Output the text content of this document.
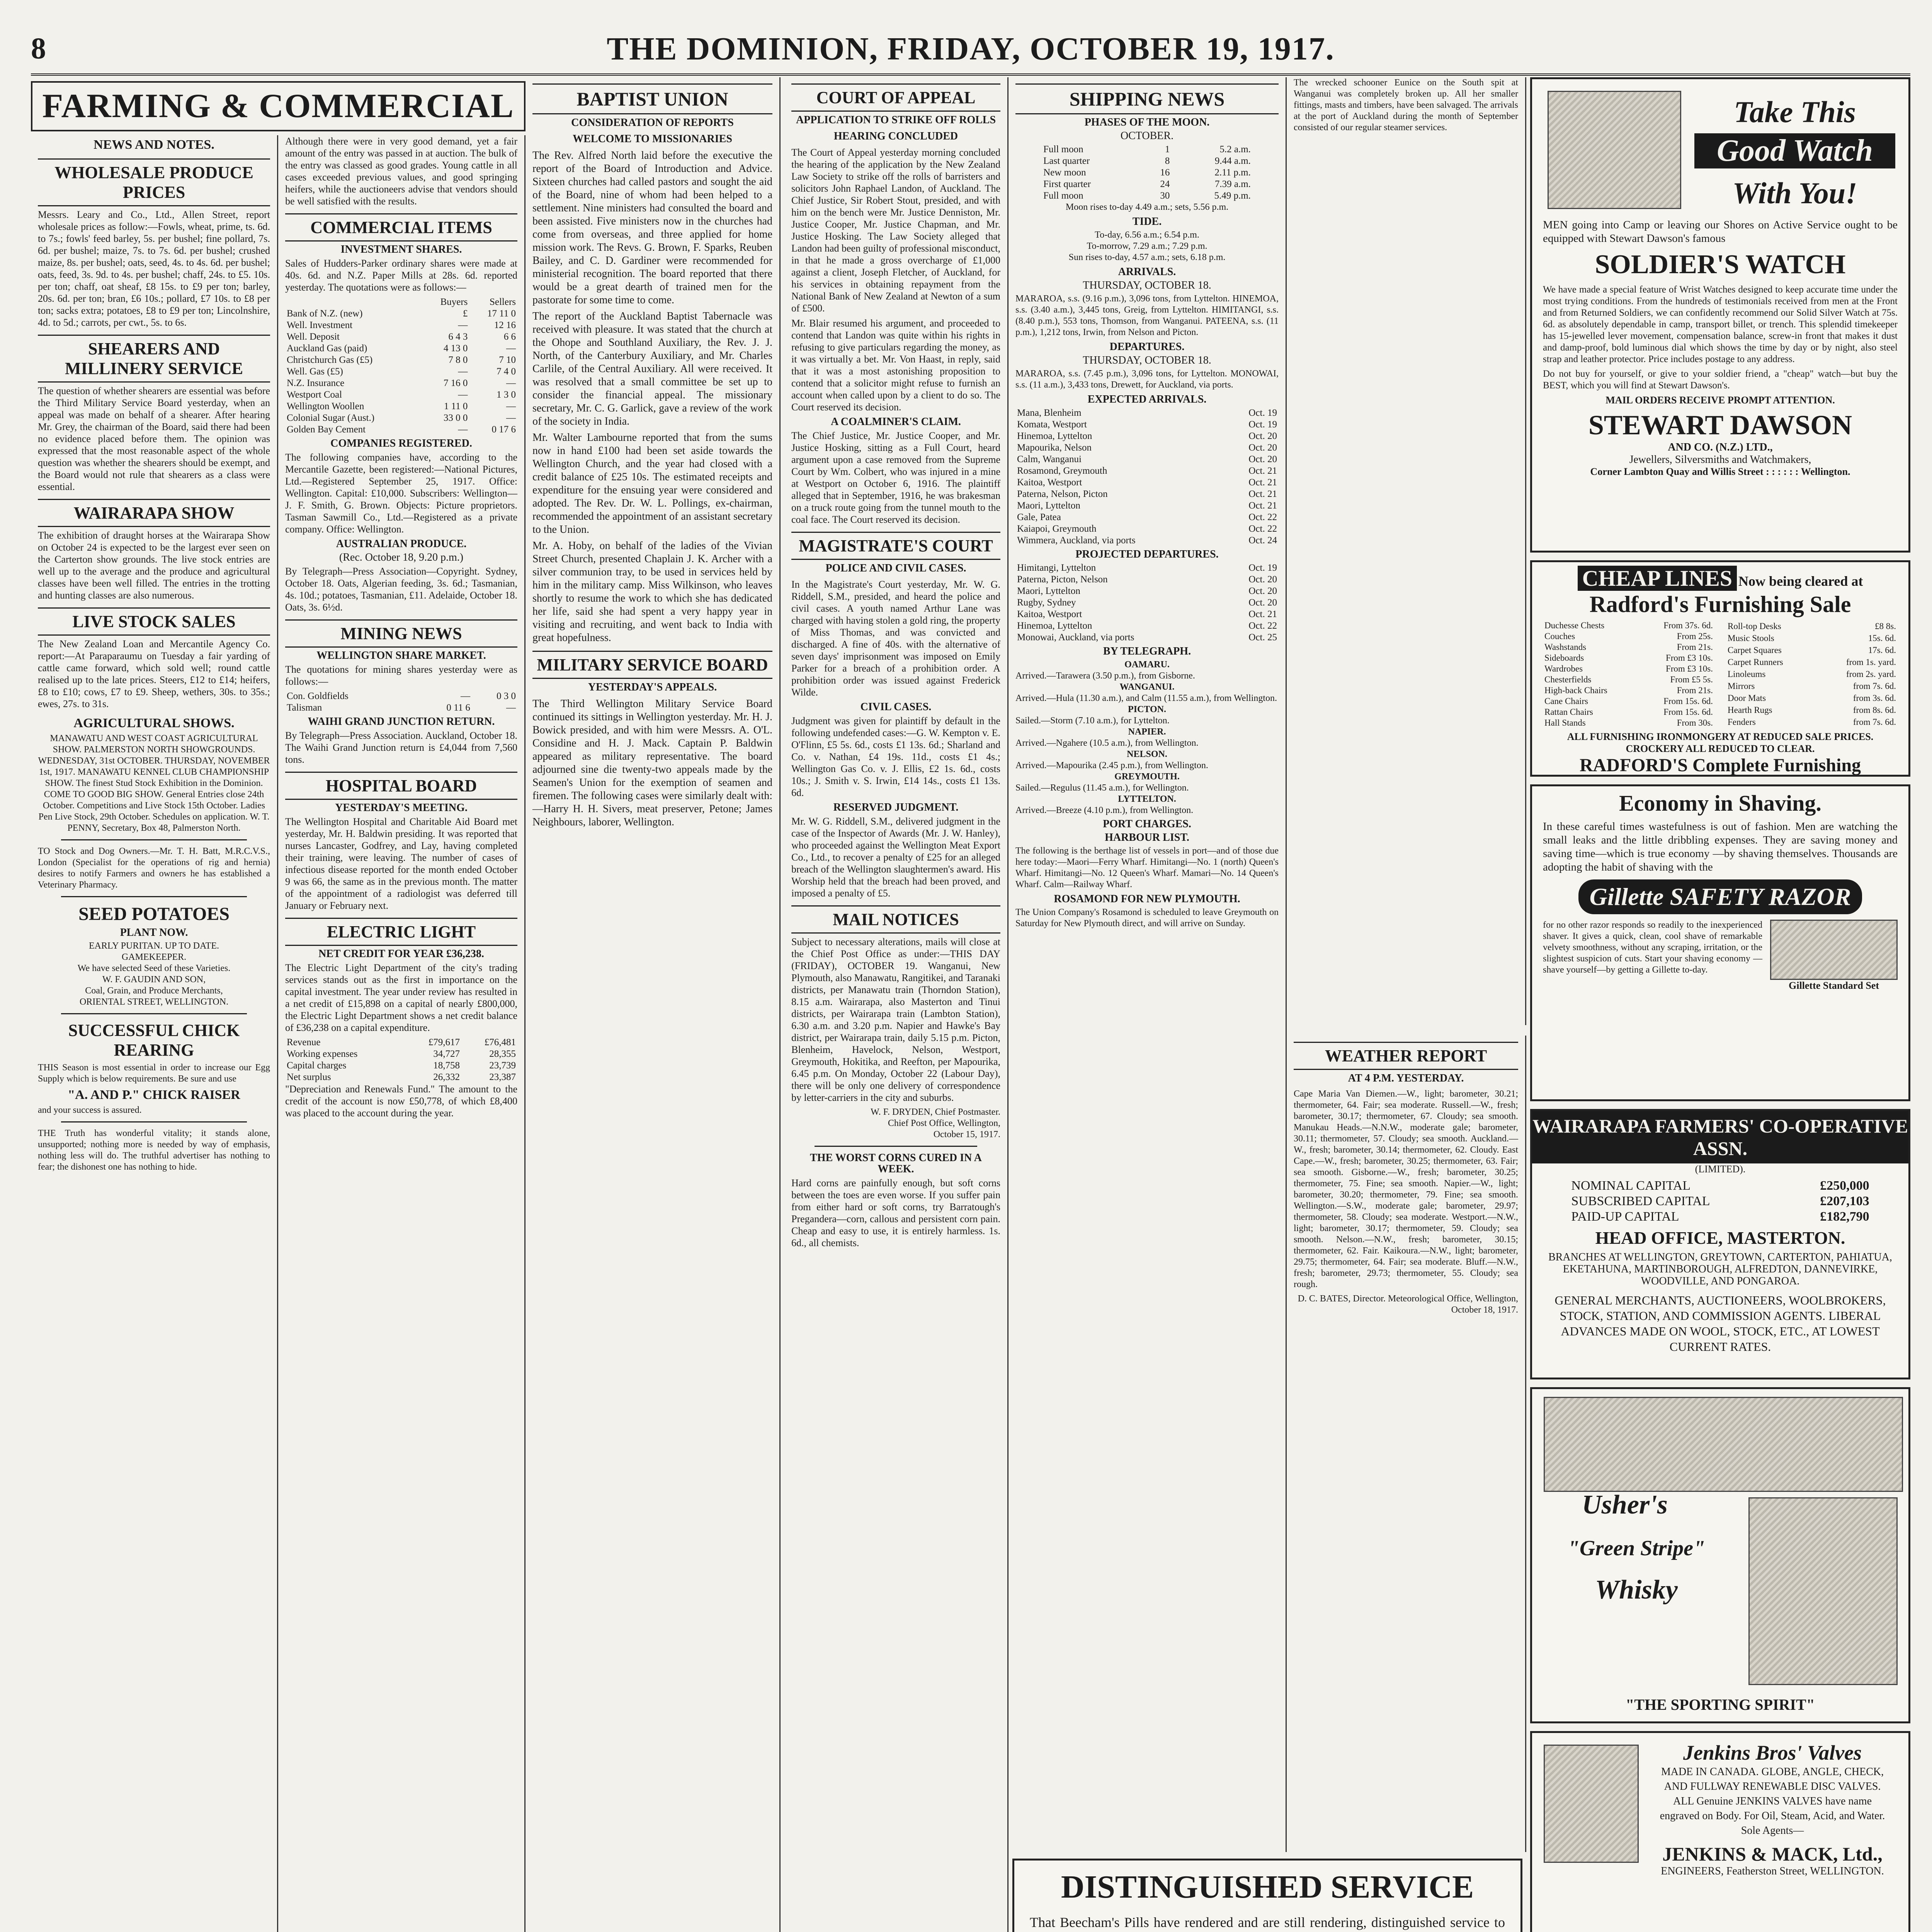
8	THE DOMINION, FRIDAY, OCTOBER 19, 1917.
FARMING & COMMERCIAL
NEWS AND NOTES.
WHOLESALE PRODUCE PRICES

Messrs. Leary and Co., Ltd., Allen Street, report wholesale prices as follow:—Fowls, wheat, prime, ts. 6d. to 7s.; fowls' feed barley, 5s. per bushel; fine pollard, 7s. 6d. per bushel; maize, 7s. to 7s. 6d. per bushel; crushed maize, 8s. per bushel; oats, seed, 4s. to 4s. 6d. per bushel; oats, feed, 3s. 9d. to 4s. per bushel; chaff, 24s. to £5. 10s. per ton; chaff, oat sheaf, £8 15s. to £9 per ton; barley, 20s. 6d. per ton; bran, £6 10s.; pollard, £7 10s. to £8 per ton; sacks extra; potatoes, £8 to £9 per ton; Lincolnshire, 4d. to 5d.; carrots, per cwt., 5s. to 6s.

SHEARERS AND MILLINERY SERVICE

The question of whether shearers are essential was before the Third Military Service Board yesterday, when an appeal was made on behalf of a shearer. After hearing Mr. Grey, the chairman of the Board, said there had been no evidence placed before them. The opinion was expressed that the most reasonable aspect of the whole question was whether the shearers should be exempt, and the Board would not rule that shearers as a class were essential.

WAIRARAPA SHOW

The exhibition of draught horses at the Wairarapa Show on October 24 is expected to be the largest ever seen on the Carterton show grounds. The live stock entries are well up to the average and the produce and agricultural classes have been well filled. The entries in the trotting and hunting classes are also numerous.

LIVE STOCK SALES

The New Zealand Loan and Mercantile Agency Co. report:—At Paraparaumu on Tuesday a fair yarding of cattle came forward, which sold well; round cattle realised up to the late prices. Steers, £12 to £14; heifers, £8 to £10; cows, £7 to £9. Sheep, wethers, 30s. to 35s.; ewes, 27s. to 31s.

AGRICULTURAL SHOWS.

MANAWATU AND WEST COAST AGRICULTURAL SHOW. PALMERSTON NORTH SHOWGROUNDS. WEDNESDAY, 31st OCTOBER. THURSDAY, NOVEMBER 1st, 1917. MANAWATU KENNEL CLUB CHAMPIONSHIP SHOW. The finest Stud Stock Exhibition in the Dominion. COME TO GOOD BIG SHOW. General Entries close 24th October. Competitions and Live Stock 15th October. Ladies Pen Live Stock, 29th October. Schedules on application. W. T. PENNY, Secretary, Box 48, Palmerston North.

TO Stock and Dog Owners.—Mr. T. H. Batt, M.R.C.V.S., London (Specialist for the operations of rig and hernia) desires to notify Farmers and owners he has established a Veterinary Pharmacy.

SEED POTATOES
PLANT NOW.
EARLY PURITAN. UP TO DATE.
GAMEKEEPER.
We have selected Seed of these Varieties.
W. F. GAUDIN AND SON,
Coal, Grain, and Produce Merchants,
ORIENTAL STREET, WELLINGTON.
SUCCESSFUL CHICK REARING

THIS Season is most essential in order to increase our Egg Supply which is below requirements. Be sure and use

"A. AND P." CHICK RAISER

and your success is assured.

THE Truth has wonderful vitality; it stands alone, unsupported; nothing more is needed by way of emphasis, nothing less will do. The truthful advertiser has nothing to fear; the dishonest one has nothing to hide.

Although there were in very good demand, yet a fair amount of the entry was passed in at auction. The bulk of the entry was classed as good grades. Young cattle in all cases exceeded previous values, and good springing heifers, while the auctioneers advise that vendors should be well satisfied with the results.

COMMERCIAL ITEMS
INVESTMENT SHARES.

Sales of Hudders-Parker ordinary shares were made at 40s. 6d. and N.Z. Paper Mills at 28s. 6d. reported yesterday. The quotations were as follows:—

	Buyers	Sellers
Bank of N.Z. (new)	£	17 11 0
Well. Investment	—	12 16
Well. Deposit	6 4 3	6 6
Auckland Gas (paid)	4 13 0	—
Christchurch Gas (£5)	7 8 0	7 10
Well. Gas (£5)	—	7 4 0
N.Z. Insurance	7 16 0	—
Westport Coal	—	1 3 0
Wellington Woollen	1 11 0	—
Colonial Sugar (Aust.)	33 0 0	—
Golden Bay Cement	—	0 17 6
COMPANIES REGISTERED.

The following companies have, according to the Mercantile Gazette, been registered:—National Pictures, Ltd.—Registered September 25, 1917. Office: Wellington. Capital: £10,000. Subscribers: Wellington—J. F. Smith, G. Brown. Objects: Picture proprietors. Tasman Sawmill Co., Ltd.—Registered as a private company. Office: Wellington.

AUSTRALIAN PRODUCE.
(Rec. October 18, 9.20 p.m.)

By Telegraph—Press Association—Copyright. Sydney, October 18. Oats, Algerian feeding, 3s. 6d.; Tasmanian, 4s. 10d.; potatoes, Tasmanian, £11. Adelaide, October 18. Oats, 3s. 6½d.

MINING NEWS
WELLINGTON SHARE MARKET.

The quotations for mining shares yesterday were as follows:—

Con. Goldfields	—	0 3 0
Talisman	0 11 6	—
WAIHI GRAND JUNCTION RETURN.

By Telegraph—Press Association. Auckland, October 18. The Waihi Grand Junction return is £4,044 from 7,560 tons.

HOSPITAL BOARD
YESTERDAY'S MEETING.

The Wellington Hospital and Charitable Aid Board met yesterday, Mr. H. Baldwin presiding. It was reported that nurses Lancaster, Godfrey, and Lay, having completed their training, were leaving. The number of cases of infectious disease reported for the month ended October 9 was 66, the same as in the previous month. The matter of the appointment of a radiologist was deferred till January or February next.

ELECTRIC LIGHT
NET CREDIT FOR YEAR £36,238.

The Electric Light Department of the city's trading services stands out as the first in importance on the capital investment. The year under review has resulted in a net credit of £15,898 on a capital of nearly £800,000, the Electric Light Department shows a net credit balance of £36,238 on a capital expenditure.

Revenue	£79,617	£76,481
Working expenses	34,727	28,355
Capital charges	18,758	23,739
Net surplus	26,332	23,387

"Depreciation and Renewals Fund." The amount to the credit of the account is now £50,778, of which £8,400 was placed to the account during the year.

BAPTIST UNION
CONSIDERATION OF REPORTS
WELCOME TO MISSIONARIES

The Rev. Alfred North laid before the executive the report of the Board of Introduction and Advice. Sixteen churches had called pastors and sought the aid of the Board, nine of whom had been helped to a settlement. Nine ministers had consulted the board and been assisted. Five ministers now in the churches had come from overseas, and three applied for home mission work. The Revs. G. Brown, F. Sparks, Reuben Bailey, and C. D. Gardiner were recommended for ministerial recognition. The board reported that there would be a great dearth of trained men for the pastorate for some time to come.

The report of the Auckland Baptist Tabernacle was received with pleasure. It was stated that the church at the Ohope and Southland Auxiliary, the Rev. J. J. North, of the Canterbury Auxiliary, and Mr. Charles Carlile, of the Central Auxiliary. All were received. It was resolved that a small committee be set up to consider the financial appeal. The missionary secretary, Mr. C. G. Garlick, gave a review of the work of the society in India.

Mr. Walter Lambourne reported that from the sums now in hand £100 had been set aside towards the Wellington Church, and the year had closed with a credit balance of £25 10s. The estimated receipts and expenditure for the ensuing year were considered and adopted. The Rev. Dr. W. L. Pollings, ex-chairman, recommended the appointment of an assistant secretary to the Union.

Mr. A. Hoby, on behalf of the ladies of the Vivian Street Church, presented Chaplain J. K. Archer with a silver communion tray, to be used in services held by him in the military camp. Miss Wilkinson, who leaves shortly to resume the work to which she has dedicated her life, said she had spent a very happy year in visiting and recruiting, and went back to India with great hopefulness.

MILITARY SERVICE BOARD
YESTERDAY'S APPEALS.

The Third Wellington Military Service Board continued its sittings in Wellington yesterday. Mr. H. J. Bowick presided, and with him were Messrs. A. O'L. Considine and H. J. Mack. Captain P. Baldwin appeared as military representative. The board adjourned sine die twenty-two appeals made by the Seamen's Union for the exemption of seamen and firemen. The following cases were similarly dealt with:—Harry H. H. Sivers, meat preserver, Petone; James Neighbours, laborer, Wellington.

COURT OF APPEAL
APPLICATION TO STRIKE OFF ROLLS
HEARING CONCLUDED

The Court of Appeal yesterday morning concluded the hearing of the application by the New Zealand Law Society to strike off the rolls of barristers and solicitors John Raphael Landon, of Auckland. The Chief Justice, Sir Robert Stout, presided, and with him on the bench were Mr. Justice Denniston, Mr. Justice Cooper, Mr. Justice Chapman, and Mr. Justice Hosking. The Law Society alleged that Landon had been guilty of professional misconduct, in that he made a gross overcharge of £1,000 against a client, Joseph Fletcher, of Auckland, for his services in obtaining repayment from the National Bank of New Zealand at Newton of a sum of £500.

Mr. Blair resumed his argument, and proceeded to contend that Landon was quite within his rights in refusing to give particulars regarding the money, as it was virtually a bet. Mr. Von Haast, in reply, said that it was a most astonishing proposition to contend that a solicitor might refuse to furnish an account when called upon by a client to do so. The Court reserved its decision.

A COALMINER'S CLAIM.

The Chief Justice, Mr. Justice Cooper, and Mr. Justice Hosking, sitting as a Full Court, heard argument upon a case removed from the Supreme Court by Wm. Colbert, who was injured in a mine at Westport on October 6, 1916. The plaintiff alleged that in September, 1916, he was brakesman on a truck route going from the tunnel mouth to the coal face. The Court reserved its decision.

MAGISTRATE'S COURT
POLICE AND CIVIL CASES.

In the Magistrate's Court yesterday, Mr. W. G. Riddell, S.M., presided, and heard the police and civil cases. A youth named Arthur Lane was charged with having stolen a gold ring, the property of Miss Thomas, and was convicted and discharged. A fine of 40s. with the alternative of seven days' imprisonment was imposed on Emily Parker for a breach of a prohibition order. A prohibition order was issued against Frederick Wilde.

CIVIL CASES.

Judgment was given for plaintiff by default in the following undefended cases:—G. W. Kempton v. E. O'Flinn, £5 5s. 6d., costs £1 13s. 6d.; Sharland and Co. v. Nathan, £4 19s. 11d., costs £1 4s.; Wellington Gas Co. v. J. Ellis, £2 1s. 6d., costs 10s.; J. Smith v. S. Irwin, £14 14s., costs £1 13s. 6d.

RESERVED JUDGMENT.

Mr. W. G. Riddell, S.M., delivered judgment in the case of the Inspector of Awards (Mr. J. W. Hanley), who proceeded against the Wellington Meat Export Co., Ltd., to recover a penalty of £25 for an alleged breach of the Wellington slaughtermen's award. His Worship held that the breach had been proved, and imposed a penalty of £5.

MAIL NOTICES

Subject to necessary alterations, mails will close at the Chief Post Office as under:—THIS DAY (FRIDAY), OCTOBER 19. Wanganui, New Plymouth, also Manawatu, Rangitikei, and Taranaki districts, per Manawatu train (Thorndon Station), 8.15 a.m. Wairarapa, also Masterton and Tinui districts, per Wairarapa train (Lambton Station), 6.30 a.m. and 3.20 p.m. Napier and Hawke's Bay district, per Wairarapa train, daily 5.15 p.m. Picton, Blenheim, Havelock, Nelson, Westport, Greymouth, Hokitika, and Reefton, per Mapourika, 6.45 p.m. On Monday, October 22 (Labour Day), there will be only one delivery of correspondence by letter-carriers in the city and suburbs.

W. F. DRYDEN, Chief Postmaster.
Chief Post Office, Wellington,
October 15, 1917.
THE WORST CORNS CURED IN A WEEK.

Hard corns are painfully enough, but soft corns between the toes are even worse. If you suffer pain from either hard or soft corns, try Barratough's Pregandera—corn, callous and persistent corn pain. Cheap and easy to use, it is entirely harmless. 1s. 6d., all chemists.

SHIPPING NEWS
PHASES OF THE MOON.
OCTOBER.
Full moon	1	5.2 a.m.
Last quarter	8	9.44 a.m.
New moon	16	2.11 p.m.
First quarter	24	7.39 a.m.
Full moon	30	5.49 p.m.

Moon rises to-day 4.49 a.m.; sets, 5.56 p.m.

TIDE.
To-day, 6.56 a.m.; 6.54 p.m.
To-morrow, 7.29 a.m.; 7.29 p.m.

Sun rises to-day, 4.57 a.m.; sets, 6.18 p.m.

ARRIVALS.
THURSDAY, OCTOBER 18.

MARAROA, s.s. (9.16 p.m.), 3,096 tons, from Lyttelton. HINEMOA, s.s. (3.40 a.m.), 3,445 tons, Greig, from Lyttelton. HIMITANGI, s.s. (8.40 p.m.), 553 tons, Thomson, from Wanganui. PATEENA, s.s. (11 p.m.), 1,212 tons, Irwin, from Nelson and Picton.

DEPARTURES.
THURSDAY, OCTOBER 18.

MARAROA, s.s. (7.45 p.m.), 3,096 tons, for Lyttelton. MONOWAI, s.s. (11 a.m.), 3,433 tons, Drewett, for Auckland, via ports.

EXPECTED ARRIVALS.
Mana, Blenheim	Oct. 19
Komata, Westport	Oct. 19
Hinemoa, Lyttelton	Oct. 20
Mapourika, Nelson	Oct. 20
Calm, Wanganui	Oct. 20
Rosamond, Greymouth	Oct. 21
Kaitoa, Westport	Oct. 21
Paterna, Nelson, Picton	Oct. 21
Maori, Lyttelton	Oct. 21
Gale, Patea	Oct. 22
Kaiapoi, Greymouth	Oct. 22
Wimmera, Auckland, via ports	Oct. 24
PROJECTED DEPARTURES.
Himitangi, Lyttelton	Oct. 19
Paterna, Picton, Nelson	Oct. 20
Maori, Lyttelton	Oct. 20
Rugby, Sydney	Oct. 20
Kaitoa, Westport	Oct. 21
Hinemoa, Lyttelton	Oct. 22
Monowai, Auckland, via ports	Oct. 25
BY TELEGRAPH.
OAMARU.
Arrived.—Tarawera (3.50 p.m.), from Gisborne.
WANGANUI.
Arrived.—Hula (11.30 a.m.), and Calm (11.55 a.m.), from Wellington.
PICTON.
Sailed.—Storm (7.10 a.m.), for Lyttelton.
NAPIER.
Arrived.—Ngahere (10.5 a.m.), from Wellington.
NELSON.
Arrived.—Mapourika (2.45 p.m.), from Wellington.
GREYMOUTH.
Sailed.—Regulus (11.45 a.m.), for Wellington.
LYTTELTON.
Arrived.—Breeze (4.10 p.m.), from Wellington.
PORT CHARGES.
HARBOUR LIST.

The following is the berthage list of vessels in port—and of those due here today:—Maori—Ferry Wharf. Himitangi—No. 1 (north) Queen's Wharf. Himitangi—No. 12 Queen's Wharf. Mamari—No. 14 Queen's Wharf. Calm—Railway Wharf.

ROSAMOND FOR NEW PLYMOUTH.

The Union Company's Rosamond is scheduled to leave Greymouth on Saturday for New Plymouth direct, and will arrive on Sunday.

The wrecked schooner Eunice on the South spit at Wanganui was completely broken up. All her smaller fittings, masts and timbers, have been salvaged. The arrivals at the port of Auckland during the month of September consisted of our regular steamer services.

WEATHER REPORT
AT 4 P.M. YESTERDAY.

Cape Maria Van Diemen.—W., light; barometer, 30.21; thermometer, 64. Fair; sea moderate. Russell.—W., fresh; barometer, 30.17; thermometer, 67. Cloudy; sea smooth. Manukau Heads.—N.N.W., moderate gale; barometer, 30.11; thermometer, 57. Cloudy; sea smooth. Auckland.—W., fresh; barometer, 30.14; thermometer, 62. Cloudy. East Cape.—W., fresh; barometer, 30.25; thermometer, 63. Fair; sea smooth. Gisborne.—W., fresh; barometer, 30.25; thermometer, 75. Fine; sea smooth. Napier.—W., light; barometer, 30.20; thermometer, 79. Fine; sea smooth. Wellington.—S.W., moderate gale; barometer, 29.97; thermometer, 58. Cloudy; sea moderate. Westport.—N.W., light; barometer, 30.17; thermometer, 59. Cloudy; sea smooth. Nelson.—N.W., fresh; barometer, 30.15; thermometer, 62. Fair. Kaikoura.—N.W., light; barometer, 29.75; thermometer, 64. Fair; sea moderate. Bluff.—N.W., fresh; barometer, 29.73; thermometer, 55. Cloudy; sea rough.

D. C. BATES, Director. Meteorological Office, Wellington, October 18, 1917.

Take This
Good Watch
With You!
MEN going into Camp or leaving our Shores on Active Service ought to be equipped with Stewart Dawson's famous
SOLDIER'S WATCH
We have made a special feature of Wrist Watches designed to keep accurate time under the most trying conditions. From the hundreds of testimonials received from men at the Front and from Returned Soldiers, we can confidently recommend our Solid Silver Watch at 75s. 6d. as absolutely dependable in camp, transport billet, or trench. This splendid timekeeper has 15-jewelled lever movement, compensation balance, screw-in front that makes it dust and damp-proof, bold luminous dial which shows the time by day or by night, also steel strap and leather protector. Price includes postage to any address.
Do not buy for yourself, or give to your soldier friend, a "cheap" watch—but buy the BEST, which you will find at Stewart Dawson's.
MAIL ORDERS RECEIVE PROMPT ATTENTION.
STEWART DAWSON
AND CO. (N.Z.) LTD.,
Jewellers, Silversmiths and Watchmakers,
Corner Lambton Quay and Willis Street : : : : : : Wellington.
CHEAP LINES Now being cleared at
Radford's Furnishing Sale
Duchesse Chests	From 37s. 6d.
Couches	From 25s.
Washstands	From 21s.
Sideboards	From £3 10s.
Wardrobes	From £3 10s.
Chesterfields	From £5 5s.
High-back Chairs	From 21s.
Cane Chairs	From 15s. 6d.
Rattan Chairs	From 15s. 6d.
Hall Stands	From 30s.
Roll-top Desks	£8 8s.
Music Stools	15s. 6d.
Carpet Squares	17s. 6d.
Carpet Runners	from 1s. yard.
Linoleums	from 2s. yard.
Mirrors	from 7s. 6d.
Door Mats	from 3s. 6d.
Hearth Rugs	from 8s. 6d.
Fenders	from 7s. 6d.
ALL FURNISHING IRONMONGERY AT REDUCED SALE PRICES. CROCKERY ALL REDUCED TO CLEAR.
RADFORD'S Complete Furnishing
Economy in Shaving.
In these careful times wastefulness is out of fashion. Men are watching the small leaks and the little dribbling expenses. They are saving money and saving time—which is true economy —by shaving themselves. Thousands are adopting the habit of shaving with the
Gillette SAFETY RAZOR
for no other razor responds so readily to the inexperienced shaver. It gives a quick, clean, cool shave of remarkable velvety smoothness, without any scraping, irritation, or the slightest suspicion of cuts. Start your shaving economy —shave yourself—by getting a Gillette to-day.
Gillette Standard Set
WAIRARAPA FARMERS' CO-OPERATIVE ASSN.
(LIMITED).
NOMINAL CAPITAL	£250,000
SUBSCRIBED CAPITAL	£207,103
PAID-UP CAPITAL	£182,790
HEAD OFFICE, MASTERTON.
BRANCHES AT WELLINGTON, GREYTOWN, CARTERTON, PAHIATUA, EKETAHUNA, MARTINBOROUGH, ALFREDTON, DANNEVIRKE, WOODVILLE, AND PONGAROA.
GENERAL MERCHANTS, AUCTIONEERS, WOOLBROKERS, STOCK, STATION, AND COMMISSION AGENTS. LIBERAL ADVANCES MADE ON WOOL, STOCK, ETC., AT LOWEST CURRENT RATES.
Usher's
"Green Stripe"
Whisky
"THE SPORTING SPIRIT"
Jenkins Bros' Valves
MADE IN CANADA. GLOBE, ANGLE, CHECK, AND FULLWAY RENEWABLE DISC VALVES. ALL Genuine JENKINS VALVES have name engraved on Body. For Oil, Steam, Acid, and Water. Sole Agents—
JENKINS & MACK, Ltd.,
ENGINEERS, Featherston Street, WELLINGTON.
DISTINGUISHED SERVICE
That Beecham's Pills have rendered and are still rendering, distinguished service to
